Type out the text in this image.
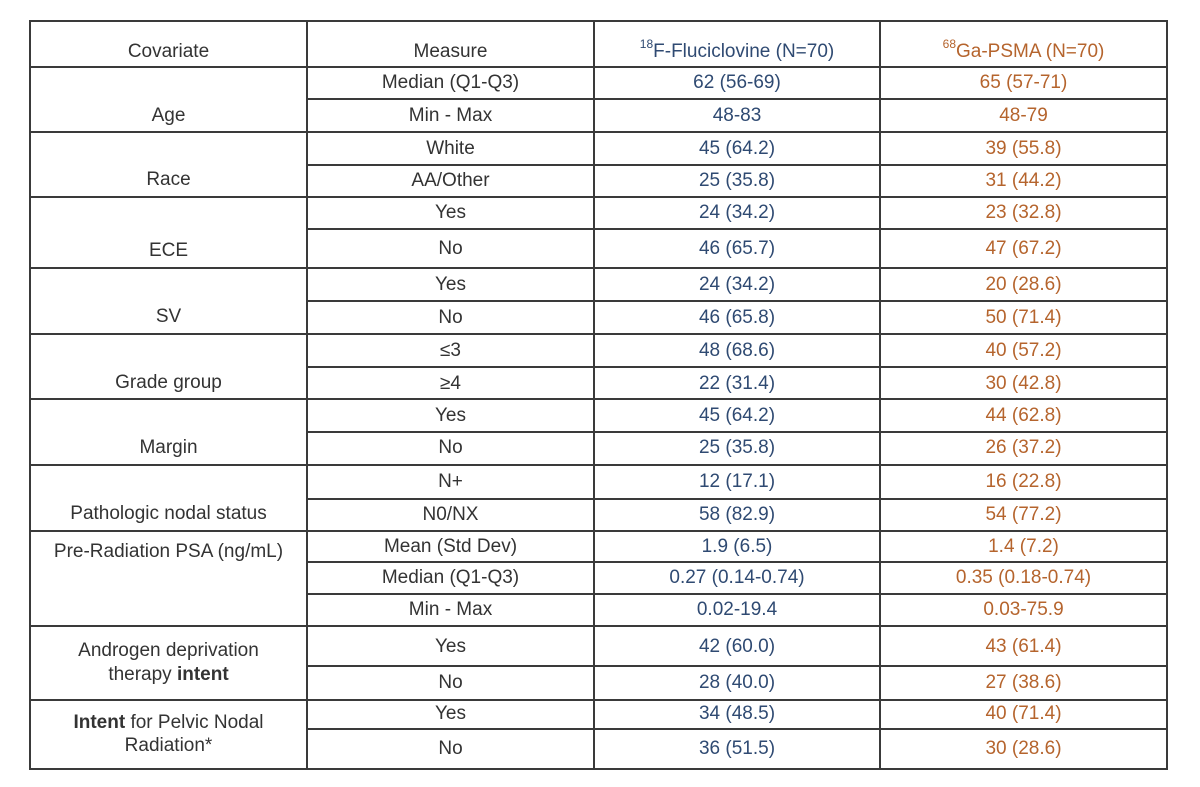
Covariate	Measure	$^{18}$F-Fluciclovine (N=70)	$^{68}$Ga-PSMA (N=70)
Age	Median (Q1-Q3)	62 (56-69)	65 (57-71)
	Min - Max	48-83	48-79
Race	White	45 (64.2)	39 (55.8)
	AA/Other	25 (35.8)	31 (44.2)
ECE	Yes	24 (34.2)	23 (32.8)
	No	46 (65.7)	47 (67.2)
SV	Yes	24 (34.2)	20 (28.6)
	No	46 (65.8)	50 (71.4)
Grade group	≤3	48 (68.6)	40 (57.2)
	≥4	22 (31.4)	30 (42.8)
Margin	Yes	45 (64.2)	44 (62.8)
	No	25 (35.8)	26 (37.2)
Pathologic nodal status	N+	12 (17.1)	16 (22.8)
	N0/NX	58 (82.9)	54 (77.2)
Pre-Radiation PSA (ng/mL)	Mean (Std Dev)	1.9 (6.5)	1.4 (7.2)
	Median (Q1-Q3)	0.27 (0.14-0.74)	0.35 (0.18-0.74)
	Min - Max	0.02-19.4	0.03-75.9

Androgen deprivation
therapy intent	Yes	42 (60.0)	43 (61.4)
	No	28 (40.0)	27 (38.6)

Intent for Pelvic Nodal
Radiation*	Yes	34 (48.5)	40 (71.4)
	No	36 (51.5)	30 (28.6)
